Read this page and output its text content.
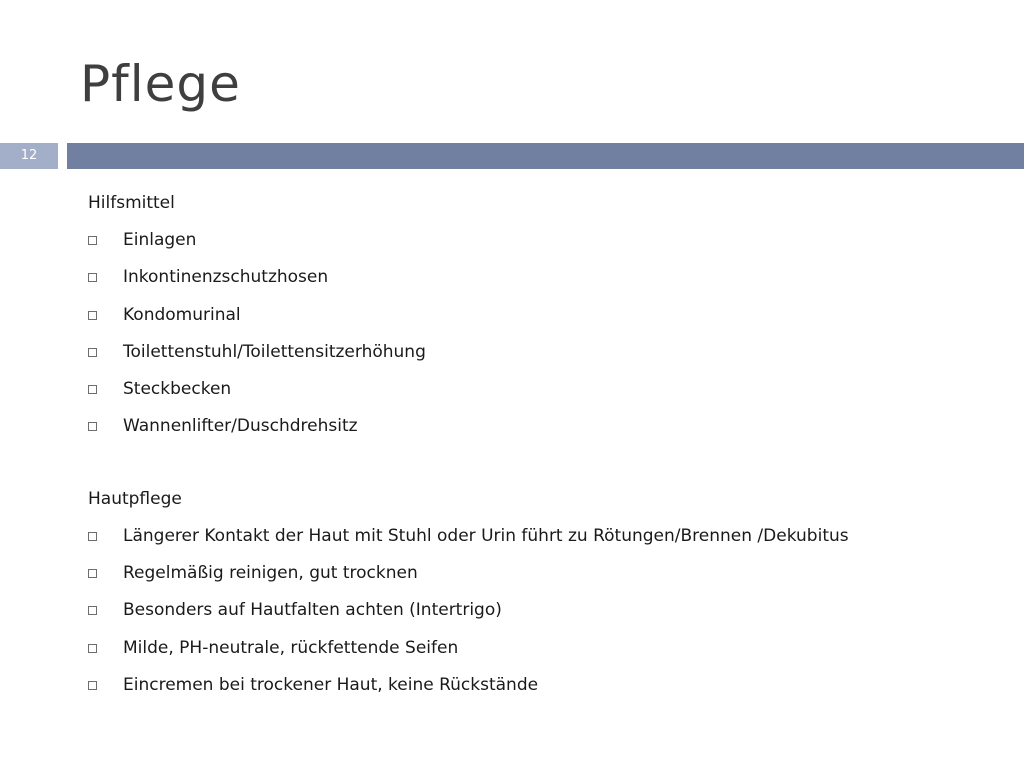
Pflege
12
Hilfsmittel
Einlagen
Inkontinenzschutzhosen
Kondomurinal
Toilettenstuhl/Toilettensitzerhöhung
Steckbecken
Wannenlifter/Duschdrehsitz
Hautpflege
Längerer Kontakt der Haut mit Stuhl oder Urin führt zu Rötungen/Brennen /Dekubitus
Regelmäßig reinigen, gut trocknen
Besonders auf Hautfalten achten (Intertrigo)
Milde, PH-neutrale, rückfettende Seifen
Eincremen bei trockener Haut, keine Rückstände
